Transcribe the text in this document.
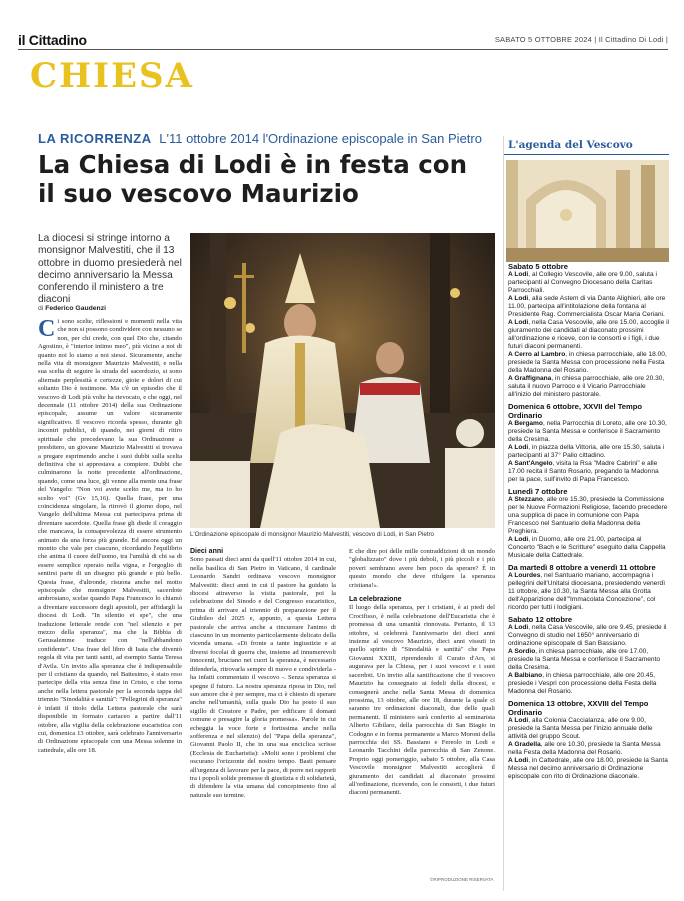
il Cittadino	SABATO 5 OTTOBRE 2024 | Il Cittadino Di Lodi |
CHIESA
LA RICORRENZA L'11 ottobre 2014 l'Ordinazione episcopale in San Pietro
La Chiesa di Lodi è in festa con il suo vescovo Maurizio

La diocesi si stringe intorno a monsignor Malvestiti, che il 13 ottobre in duomo presiederà nel decimo anniversario la Messa conferendo il ministero a tre diaconi

di Federico Gaudenzi
Ci sono scelte, riflessioni e momenti nella vita che non si possono condividere con nessuno se non, per chi crede, con quel Dio che, citando Agostino, è "interior intimo meo", più vicino a noi di quanto noi lo siamo a noi stessi. Sicuramente, anche nella vita di monsignor Maurizio Malvestiti, e nella sua scelta di seguire la strada del sacerdozio, si sono alternate perplessità e certezze, gioie e dolori di cui soltanto Dio è testimone. Ma c'è un episodio che il vescovo di Lodi più volte ha rievocato, e che oggi, nel decennale (11 ottobre 2014) della sua Ordinazione episcopale, assume un valore sicuramente significativo. Il vescovo ricorda spesso, durante gli incontri pubblici, di quando, nei giorni di ritiro spirituale che precedevano la sua Ordinazione a presbitero, un giovane Maurizio Malvestiti si trovava a pregare esprimendo anche i suoi dubbi sulla scelta definitiva che si apprestava a compiere. Dubbi che culminarono la notte precedente all'ordinazione, quando, come una luce, gli venne alla mente una frase del Vangelo: "Non voi avete scelto me, ma io ho scelto voi" (Gv 15,16). Quella frase, per una coincidenza singolare, la ritrovò il giorno dopo, nel Vangelo dell'ultima Messa cui partecipava prima di diventare sacerdote. Quella frase gli diede il coraggio che mancava, la consapevolezza di essere strumento animato da una forza più grande. Ed ancora oggi un monito che vale per ciascuno, ricordando l'equilibrio che anima il cuore dell'uomo, tra l'umiltà di chi sa di essere semplice operaio nella vigna, e l'orgoglio di sentirsi parte di un disegno più grande e più bello. Questa frase, d'altronde, risuona anche nel motto episcopale che monsignor Malvestiti, sacerdote ambrosiano, scelse quando Papa Francesco lo chiamò a diventare successore degli apostoli, per affidargli la diocesi di Lodi. "In silentio et spe", che una traduzione letterale rende con "nel silenzio e per mezzo della speranza", ma che la Bibbia di Gerusalemme traduce con "nell'abbandono confidente". Una frase del libro di Isaia che diventò regola di vita per tanti santi, ad esempio Santa Teresa d'Avila. Un invito alla speranza che è indispensabile per il cristiano da quando, nel Battesimo, è stato reso partecipe della vita senza fine in Cristo, e che torna anche nella lettera pastorale per la seconda tappa del triennio "Sinodalità e santità": "Pellegrini di speranza" è infatti il titolo della Lettera pastorale che sarà disponibile in formato cartaceo a partire dall'11 ottobre, alla vigilia della celebrazione eucaristica con cui, domenica 13 ottobre, sarà celebrato l'anniversario di Ordinazione episcopale con una Messa solenne in cattedrale, alle ore 18.
L'Ordinazione episcopale di monsignor Maurizio Malvestiti, vescovo di Lodi, in San Pietro
Dieci anni
Sono passati dieci anni da quell'11 ottobre 2014 in cui, nella basilica di San Pietro in Vaticano, il cardinale Leonardo Sandri ordinava vescovo monsignor Malvestiti: dieci anni in cui il pastore ha guidato la diocesi attraverso la visita pastorale, poi la celebrazione del Sinodo e del Congresso eucaristico, prima di arrivare al triennio di preparazione per il Giubileo del 2025 e, appunto, a questa Lettera pastorale che arriva anche a rincuorare l'animo di ciascuno in un momento particolarmente delicato della vicenda umana. «Di fronte a tante ingiustizie e ai diversi focolai di guerra che, insieme ad innumerevoli innocenti, bruciano nei cuori la speranza, è necessario difenderla, ritrovarla sempre di nuovo e condividerla - ha infatti commentato il vescovo -. Senza speranza si spegne il futuro. La nostra speranza riposa in Dio, nel suo amore che è per sempre, ma ci è chiesto di sperare anche nell'umanità, sulla quale Dio ha posto il suo sigillo di Creatore e Padre, per edificare il domani comune e presagire la gloria promessa». Parole in cui echeggia la voce forte e fortissima anche nella sofferenza e nel silenzio) del "Papa della speranza", Giovanni Paolo II, che in una sua enciclica scrisse (Ecclesia de Eucharistia): «Molti sono i problemi che oscurano l'orizzonte del nostro tempo. Basti pensare all'urgenza di lavorare per la pace, di porre nei rapporti tra i popoli solide premesse di giustizia e di solidarietà, di difendere la vita umana dal concepimento fino al naturale suo termine.
E che dire poi delle mille contraddizioni di un mondo "globalizzato" dove i più deboli, i più piccoli e i più poveri sembrano avere ben poco da sperare? È in questo mondo che deve rifulgere la speranza cristiana!».
La celebrazione
Il luogo della speranza, per i cristiani, è ai piedi del Crocifisso, è nella celebrazione dell'Eucaristia che è promessa di una umanità rinnovata. Pertanto, il 13 ottobre, si celebrerà l'anniversario dei dieci anni insieme al vescovo Maurizio, dieci anni vissuti in quello spirito di "Sinodalità e santità" che Papa Giovanni XXIII, riprendendo il Curato d'Ars, si augurava per la Chiesa, per i suoi vescovi e i suoi sacerdoti. Un invito alla santificazione che il vescovo Maurizio ha consegnato ai fedeli della diocesi, e consegnerà anche nella Santa Messa di domenica prossima, 13 ottobre, alle ore 18, durante la quale ci saranno tre ordinazioni diaconali, due delle quali permanenti. Il ministero sarà conferito al seminarista Alberto Gibilaro, della parrocchia di San Biagio in Codogno e in forma permanente a Marco Moroni della parrocchia dei SS. Bassiano e Fereolo in Lodi e Leonardo Tacchini della parrocchia di San Zenone. Proprio oggi pomeriggio, sabato 5 ottobre, alla Casa Vescovile monsignor Malvestiti accoglierà il giuramento dei candidati al diaconato prossimi all'ordinazione, ricevendo, con le consorti, i due futuri diaconi permanenti.
©RIPRODUZIONE RISERVATA
L'agenda del Vescovo
Sabato 5 ottobre

A Lodi, al Collegio Vescovile, alle ore 9.00, saluta i partecipanti al Convegno Diocesano della Caritas Parrocchiali.

A Lodi, alla sede Astem di via Dante Alighieri, alle ore 11.00, partecipa all'intitolazione della fontana al Presidente Rag. Commercialista Oscar Maria Ceriani.

A Lodi, nella Casa Vescovile, alle ore 15.00, accoglie il giuramento dei candidati al diaconato prossimi all'ordinazione e riceve, con le consorti e i figli, i due futuri diaconi permanenti.

A Cerro al Lambro, in chiesa parrocchiale, alle 18.00, presiede la Santa Messa con processione nella Festa della Madonna del Rosario.

A Graffignana, in chiesa parrocchiale, alle ore 20.30, saluta il nuovo Parroco e il Vicario Parrocchiale all'inizio del ministero pastorale.

Domenica 6 ottobre, XXVII del Tempo Ordinario

A Bergamo, nella Parrocchia di Loreto, alle ore 10.30, presiede la Santa Messa e conferisce il Sacramento della Cresima.

A Lodi, in piazza della Vittoria, alle ore 15.30, saluta i partecipanti al 37° Palio cittadino.

A Sant'Angelo, visita la Rsa "Madre Cabrini" e alle 17.00 recita il Santo Rosario, pregando la Madonna per la pace, sull'invito di Papa Francesco.

Lunedì 7 ottobre

A Stezzano, alle ore 15.30, presiede la Commissione per le Nuove Formazioni Religiose, facendo precedere una supplica di pace in comunione con Papa Francesco nel Santuario della Madonna della Preghiera.

A Lodi, in Duomo, alle ore 21.00, partecipa al Concerto "Bach e le Scritture" eseguito dalla Cappella Musicale della Cattedrale.

Da martedì 8 ottobre a venerdì 11 ottobre

A Lourdes, nel Santuario mariano, accompagna i pellegrini dell'Unitalsi diocesana, presiedendo venerdì 11 ottobre, alle 10.30, la Santa Messa alla Grotta dell'Apparizione dell'"Immacolata Concezione", col ricordo per tutti i lodigiani.

Sabato 12 ottobre

A Lodi, nella Casa Vescovile, alle ore 9.45, presiede il Convegno di studio nel 1650° anniversario di ordinazione episcopale di San Bassiano.

A Sordio, in chiesa parrocchiale, alle ore 17.00, presiede la Santa Messa e conferisce il Sacramento della Cresima.

A Balbiano, in chiesa parrocchiale, alle ore 20.45, presiede i Vespri con processione della Festa della Madonna del Rosario.

Domenica 13 ottobre, XXVIII del Tempo Ordinario

A Lodi, alla Colonia Caccialanza, alle ore 9.00, presiede la Santa Messa per l'inizio annuale delle attività del gruppo Scout.

A Gradella, alle ore 10.30, presiede la Santa Messa nella Festa della Madonna del Rosario.

A Lodi, in Cattedrale, alle ore 18.00, presiede la Santa Messa nel decimo anniversario di Ordinazione episcopale con rito di Ordinazione diaconale.
